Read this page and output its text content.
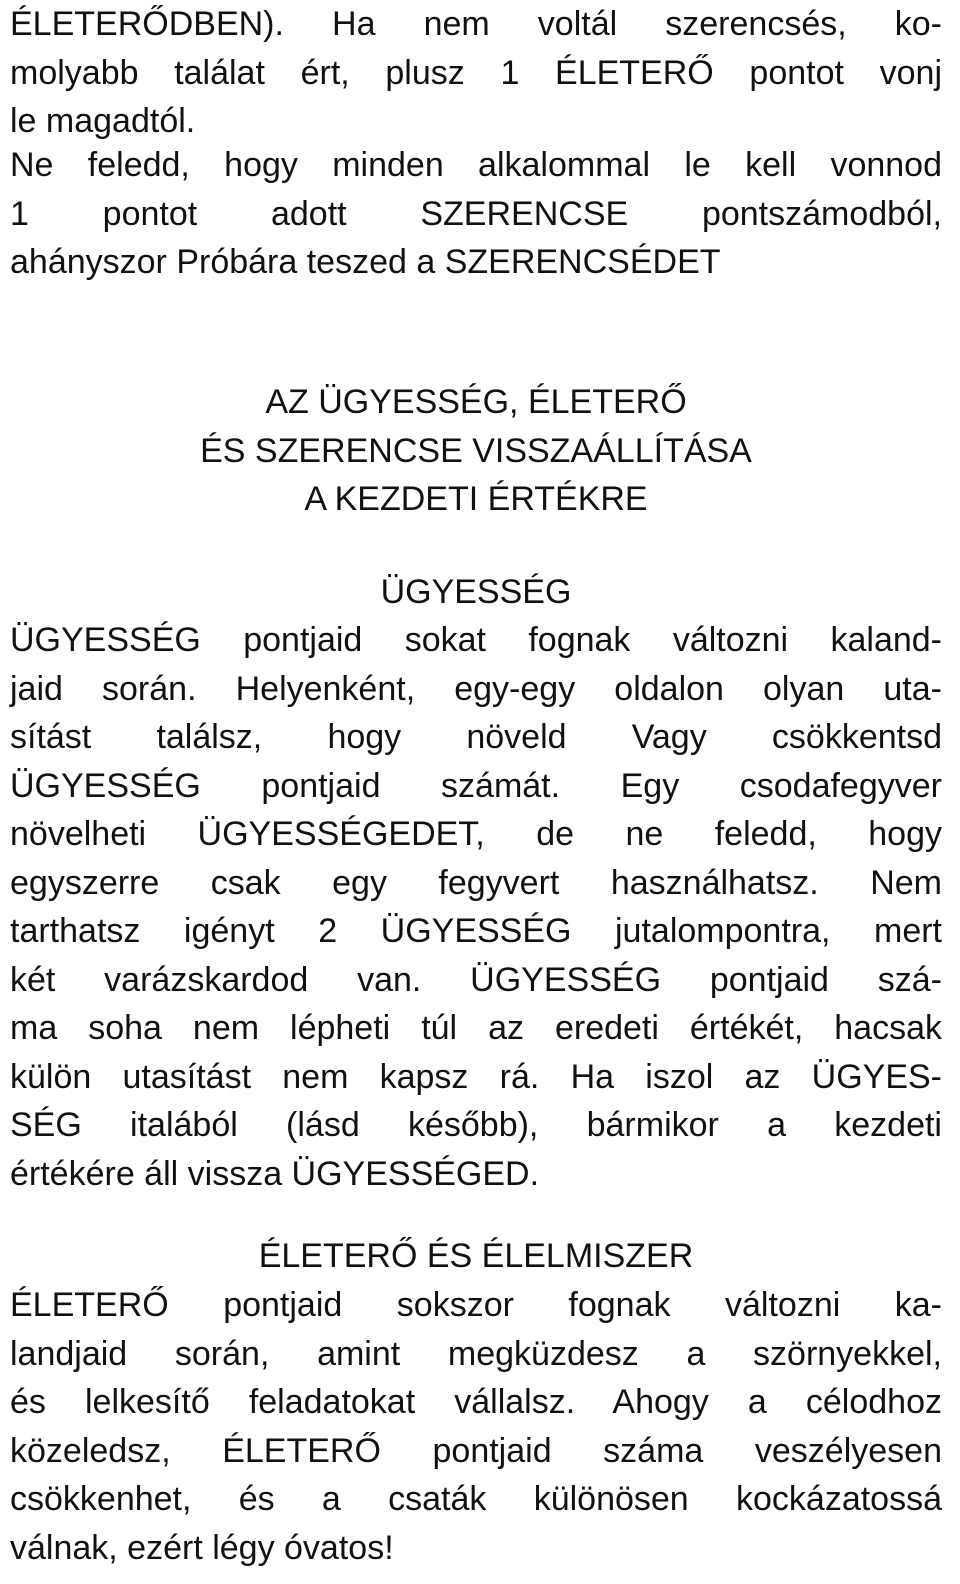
ÉLETERŐDBEN). Ha nem voltál szerencsés, ko-
molyabb találat ért, plusz 1 ÉLETERŐ pontot vonj
le magadtól.

Ne feledd, hogy minden alkalommal le kell vonnod
1 pontot adott SZERENCSE pontszámodból,
ahányszor Próbára teszed a SZERENCSÉDET

AZ ÜGYESSÉG, ÉLETERŐ
ÉS SZERENCSE VISSZAÁLLÍTÁSA
A KEZDETI ÉRTÉKRE
ÜGYESSÉG

ÜGYESSÉG pontjaid sokat fognak változni kaland-
jaid során. Helyenként, egy-egy oldalon olyan uta-
sítást találsz, hogy növeld Vagy csökkentsd
ÜGYESSÉG pontjaid számát. Egy csodafegyver
növelheti ÜGYESSÉGEDET, de ne feledd, hogy
egyszerre csak egy fegyvert használhatsz. Nem
tarthatsz igényt 2 ÜGYESSÉG jutalompontra, mert
két varázskardod van. ÜGYESSÉG pontjaid szá-
ma soha nem lépheti túl az eredeti értékét, hacsak
külön utasítást nem kapsz rá. Ha iszol az ÜGYES-
SÉG italából (lásd később), bármikor a kezdeti
értékére áll vissza ÜGYESSÉGED.

ÉLETERŐ ÉS ÉLELMISZER

ÉLETERŐ pontjaid sokszor fognak változni ka-
landjaid során, amint megküzdesz a szörnyekkel,
és lelkesítő feladatokat vállalsz. Ahogy a célodhoz
közeledsz, ÉLETERŐ pontjaid száma veszélyesen
csökkenhet, és a csaták különösen kockázatossá
válnak, ezért légy óvatos!
